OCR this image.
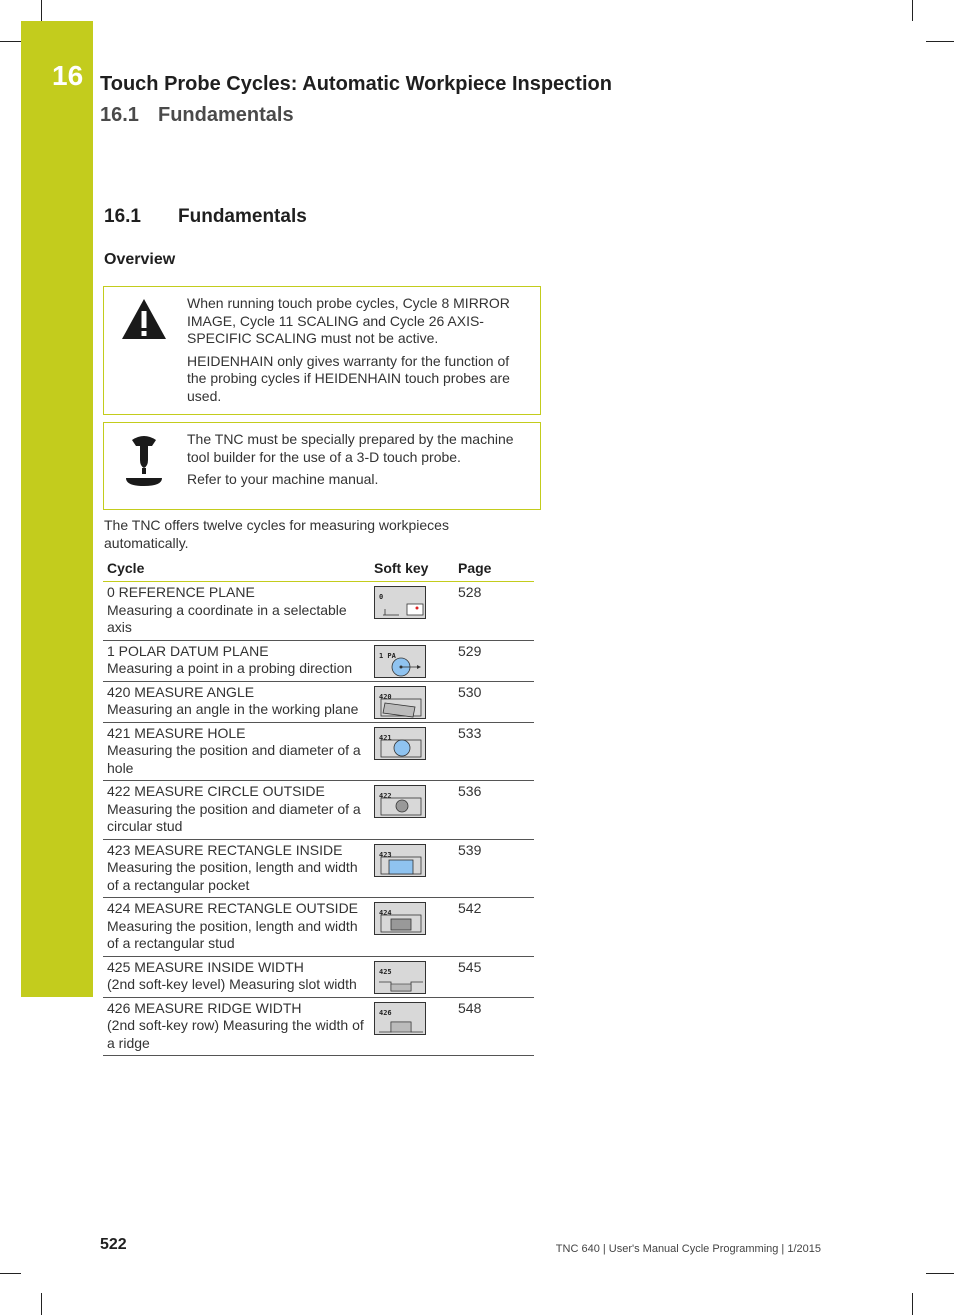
16 Touch Probe Cycles: Automatic Workpiece Inspection
16.1 Fundamentals
16.1 Fundamentals
Overview

When running touch probe cycles, Cycle 8 MIRROR IMAGE, Cycle 11 SCALING and Cycle 26 AXIS-SPECIFIC SCALING must not be active.

HEIDENHAIN only gives warranty for the function of the probing cycles if HEIDENHAIN touch probes are used.

The TNC must be specially prepared by the machine tool builder for the use of a 3-D touch probe.

Refer to your machine manual.

The TNC offers twelve cycles for measuring workpieces automatically.
Cycle	Soft key	Page

0 REFERENCE PLANE
Measuring a coordinate in a selectable axis	0	528

1 POLAR DATUM PLANE
Measuring a point in a probing direction	1 PA	529

420 MEASURE ANGLE
Measuring an angle in the working plane	420	530

421 MEASURE HOLE
Measuring the position and diameter of a hole	421	533

422 MEASURE CIRCLE OUTSIDE
Measuring the position and diameter of a circular stud	422	536

423 MEASURE RECTANGLE INSIDE
Measuring the position, length and width of a rectangular pocket	423	539

424 MEASURE RECTANGLE OUTSIDE
Measuring the position, length and width of a rectangular stud	424	542

425 MEASURE INSIDE WIDTH
(2nd soft-key level) Measuring slot width	425	545

426 MEASURE RIDGE WIDTH
(2nd soft-key row) Measuring the width of a ridge	426	548
522	TNC 640 | User's Manual Cycle Programming | 1/2015
